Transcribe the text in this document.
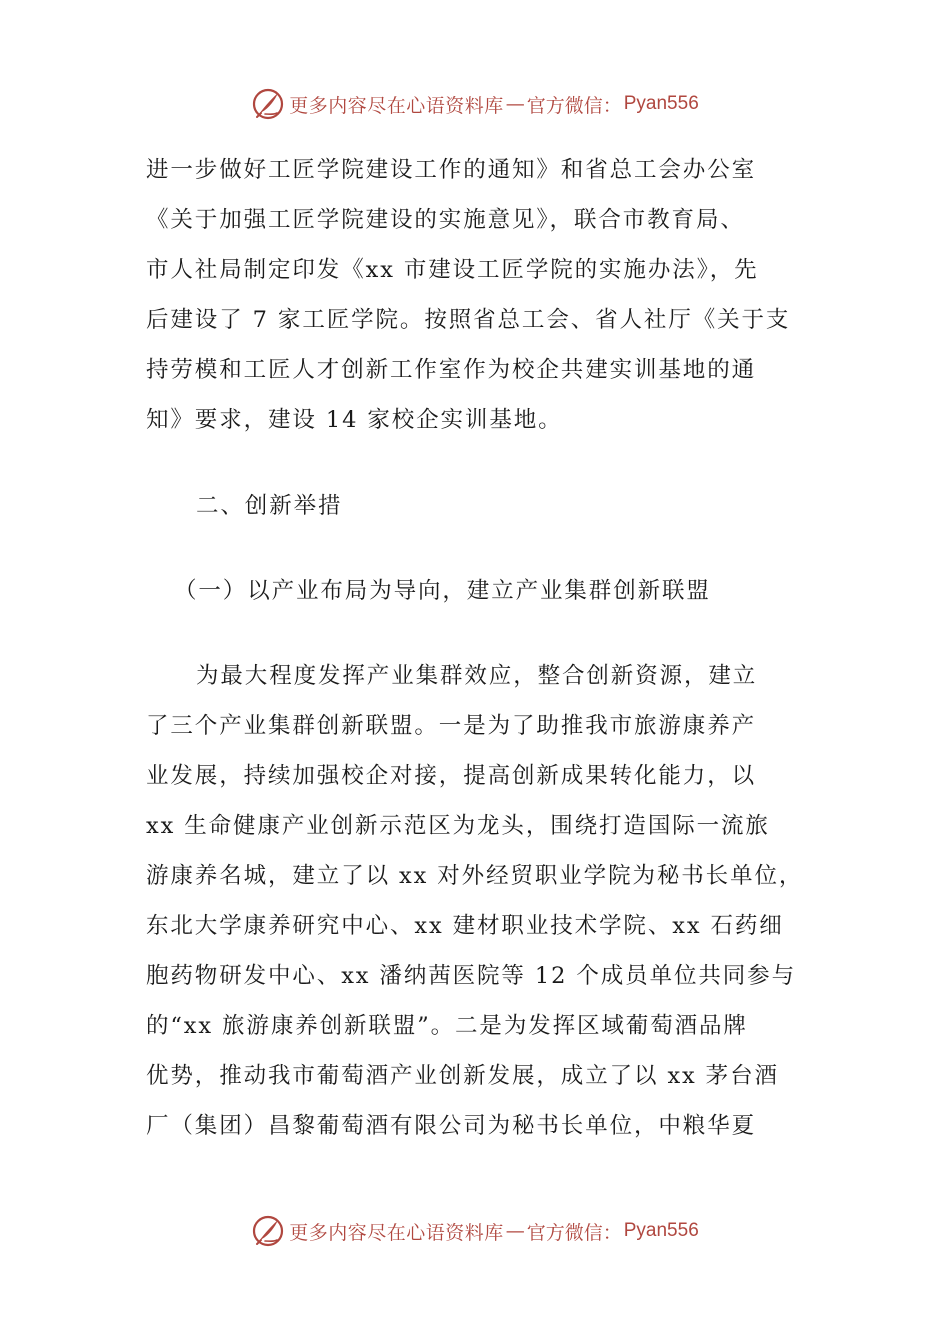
更多内容尽在心语资料库 — 官方微信： Pyan556
进一步做好工匠学院建设工作的通知》和省总工会办公室
《关于加强工匠学院建设的实施意见》，联合市教育局、
市人社局制定印发《xx 市建设工匠学院的实施办法》，先
后建设了 7 家工匠学院。按照省总工会、省人社厅《关于支
持劳模和工匠人才创新工作室作为校企共建实训基地的通
知》要求，建设 14 家校企实训基地。
二、创新举措
（一）以产业布局为导向，建立产业集群创新联盟
为最大程度发挥产业集群效应，整合创新资源，建立
了三个产业集群创新联盟。一是为了助推我市旅游康养产
业发展，持续加强校企对接，提高创新成果转化能力，以
xx 生命健康产业创新示范区为龙头，围绕打造国际一流旅
游康养名城，建立了以 xx 对外经贸职业学院为秘书长单位，
东北大学康养研究中心、xx 建材职业技术学院、xx 石药细
胞药物研发中心、xx 潘纳茜医院等 12 个成员单位共同参与
的“xx 旅游康养创新联盟”。二是为发挥区域葡萄酒品牌
优势，推动我市葡萄酒产业创新发展，成立了以 xx 茅台酒
厂（集团）昌黎葡萄酒有限公司为秘书长单位，中粮华夏
更多内容尽在心语资料库 — 官方微信： Pyan556
